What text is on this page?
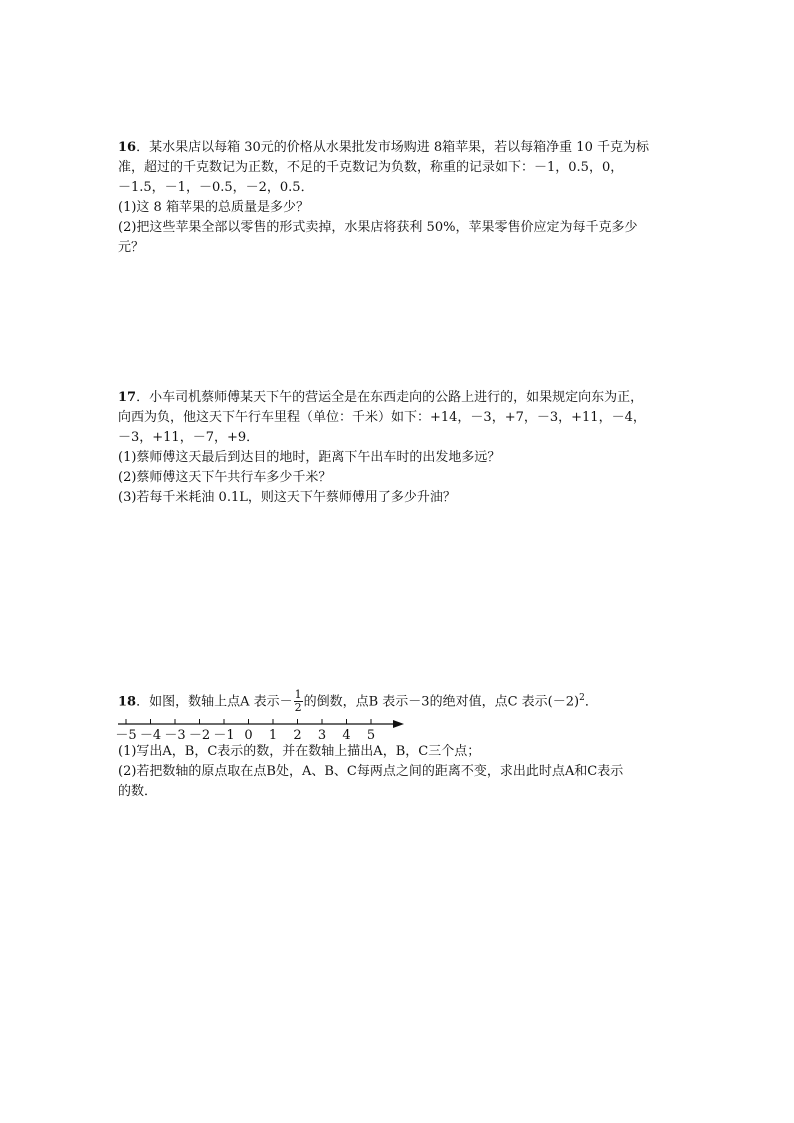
16．某水果店以每箱 30元的价格从水果批发市场购进 8箱苹果，若以每箱净重 10 千克为标
准，超过的千克数记为正数，不足的千克数记为负数，称重的记录如下：－1，0.5，0，
－1.5，－1，－0.5，－2，0.5．
(1)这 8 箱苹果的总质量是多少？
(2)把这些苹果全部以零售的形式卖掉，水果店将获利 50%，苹果零售价应定为每千克多少
元？
17．小车司机蔡师傅某天下午的营运全是在东西走向的公路上进行的，如果规定向东为正，
向西为负，他这天下午行车里程（单位：千米）如下：+14，－3，+7，－3，+11，－4，
－3，+11，－7，+9．
(1)蔡师傅这天最后到达目的地时，距离下午出车时的出发地多远？
(2)蔡师傅这天下午共行车多少千米？
(3)若每千米耗油 0.1L，则这天下午蔡师傅用了多少升油？
18．如图，数轴上点A 表示－ $\frac{1}{2}$ 的倒数，点B 表示－3的绝对值，点C 表示$(-2)^2$．
－5 －4 －3 －2 －1 0 1 2 3 4 5
(1)写出A，B，C表示的数，并在数轴上描出A，B，C三个点；
(2)若把数轴的原点取在点B处，A、B、C每两点之间的距离不变，求出此时点A和C表示
的数．
